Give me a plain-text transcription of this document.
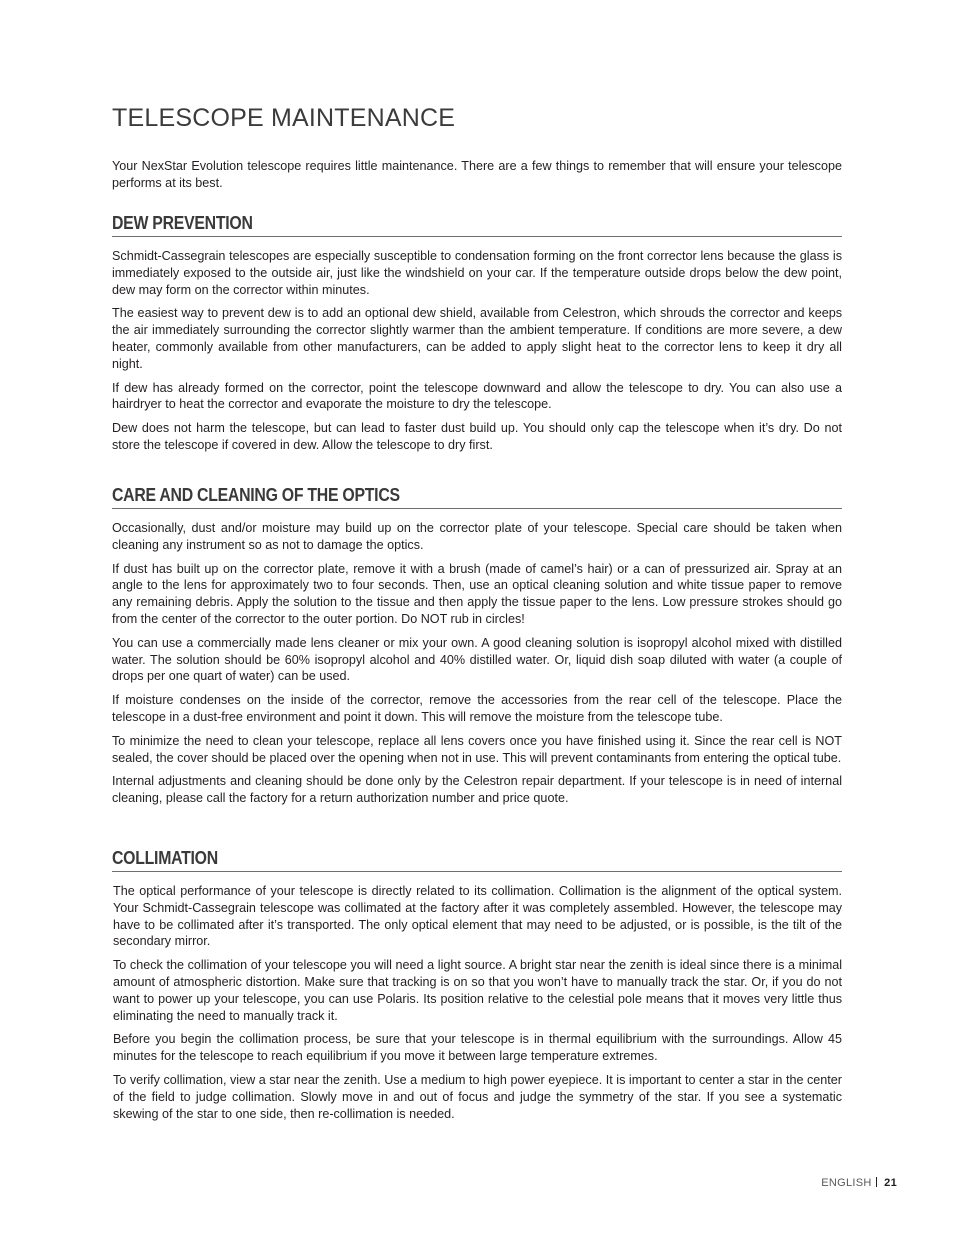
TELESCOPE MAINTENANCE

Your NexStar Evolution telescope requires little maintenance. There are a few things to remember that will ensure your telescope performs at its best.

DEW PREVENTION

Schmidt-Cassegrain telescopes are especially susceptible to condensation forming on the front corrector lens because the glass is immediately exposed to the outside air, just like the windshield on your car. If the temperature outside drops below the dew point, dew may form on the corrector within minutes.

The easiest way to prevent dew is to add an optional dew shield, available from Celestron, which shrouds the corrector and keeps the air immediately surrounding the corrector slightly warmer than the ambient temperature. If conditions are more severe, a dew heater, commonly available from other manufacturers, can be added to apply slight heat to the corrector lens to keep it dry all night.

If dew has already formed on the corrector, point the telescope downward and allow the telescope to dry. You can also use a hairdryer to heat the corrector and evaporate the moisture to dry the telescope.

Dew does not harm the telescope, but can lead to faster dust build up. You should only cap the telescope when it’s dry. Do not store the telescope if covered in dew. Allow the telescope to dry first.

CARE AND CLEANING OF THE OPTICS

Occasionally, dust and/or moisture may build up on the corrector plate of your telescope. Special care should be taken when cleaning any instrument so as not to damage the optics.

If dust has built up on the corrector plate, remove it with a brush (made of camel’s hair) or a can of pressurized air. Spray at an angle to the lens for approximately two to four seconds. Then, use an optical cleaning solution and white tissue paper to remove any remaining debris. Apply the solution to the tissue and then apply the tissue paper to the lens. Low pressure strokes should go from the center of the corrector to the outer portion. Do NOT rub in circles!

You can use a commercially made lens cleaner or mix your own. A good cleaning solution is isopropyl alcohol mixed with distilled water. The solution should be 60% isopropyl alcohol and 40% distilled water. Or, liquid dish soap diluted with water (a couple of drops per one quart of water) can be used.

If moisture condenses on the inside of the corrector, remove the accessories from the rear cell of the telescope. Place the telescope in a dust-free environment and point it down. This will remove the moisture from the telescope tube.

To minimize the need to clean your telescope, replace all lens covers once you have finished using it. Since the rear cell is NOT sealed, the cover should be placed over the opening when not in use. This will prevent contaminants from entering the optical tube.

Internal adjustments and cleaning should be done only by the Celestron repair department. If your telescope is in need of internal cleaning, please call the factory for a return authorization number and price quote.

COLLIMATION

The optical performance of your telescope is directly related to its collimation. Collimation is the alignment of the optical system. Your Schmidt-Cassegrain telescope was collimated at the factory after it was completely assembled. However, the telescope may have to be collimated after it’s transported. The only optical element that may need to be adjusted, or is possible, is the tilt of the secondary mirror.

To check the collimation of your telescope you will need a light source. A bright star near the zenith is ideal since there is a minimal amount of atmospheric distortion. Make sure that tracking is on so that you won’t have to manually track the star. Or, if you do not want to power up your telescope, you can use Polaris. Its position relative to the celestial pole means that it moves very little thus eliminating the need to manually track it.

Before you begin the collimation process, be sure that your telescope is in thermal equilibrium with the surroundings. Allow 45 minutes for the telescope to reach equilibrium if you move it between large temperature extremes.

To verify collimation, view a star near the zenith. Use a medium to high power eyepiece. It is important to center a star in the center of the field to judge collimation. Slowly move in and out of focus and judge the symmetry of the star. If you see a systematic skewing of the star to one side, then re-collimation is needed.

ENGLISH 21
